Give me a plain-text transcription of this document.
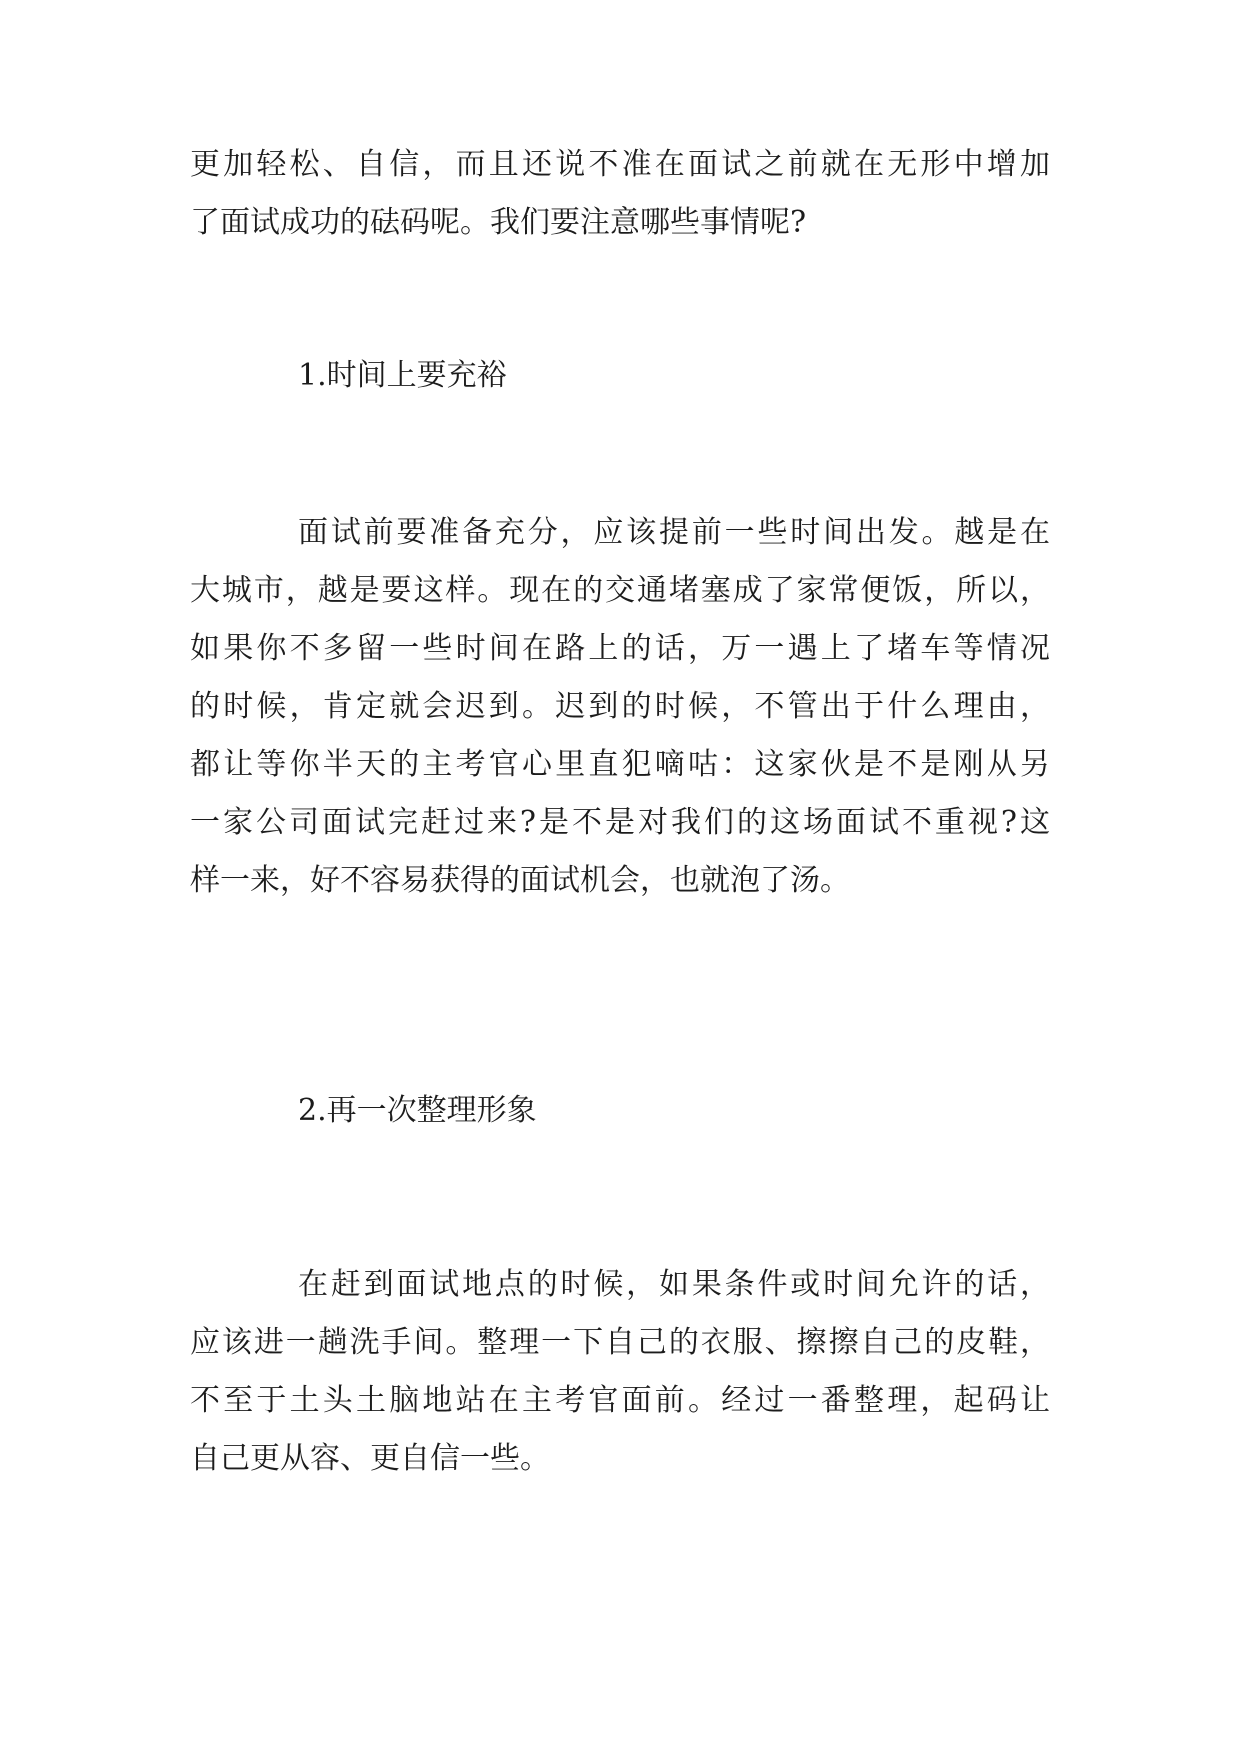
更加轻松、自信，而且还说不准在面试之前就在无形中增加
了面试成功的砝码呢。我们要注意哪些事情呢?
1.时间上要充裕
面试前要准备充分，应该提前一些时间出发。越是在
大城市，越是要这样。现在的交通堵塞成了家常便饭，所以，
如果你不多留一些时间在路上的话，万一遇上了堵车等情况
的时候，肯定就会迟到。迟到的时候，不管出于什么理由，
都让等你半天的主考官心里直犯嘀咕：这家伙是不是刚从另
一家公司面试完赶过来?是不是对我们的这场面试不重视?这
样一来，好不容易获得的面试机会，也就泡了汤。
2.再一次整理形象
在赶到面试地点的时候，如果条件或时间允许的话，
应该进一趟洗手间。整理一下自己的衣服、擦擦自己的皮鞋，
不至于土头土脑地站在主考官面前。经过一番整理，起码让
自己更从容、更自信一些。
